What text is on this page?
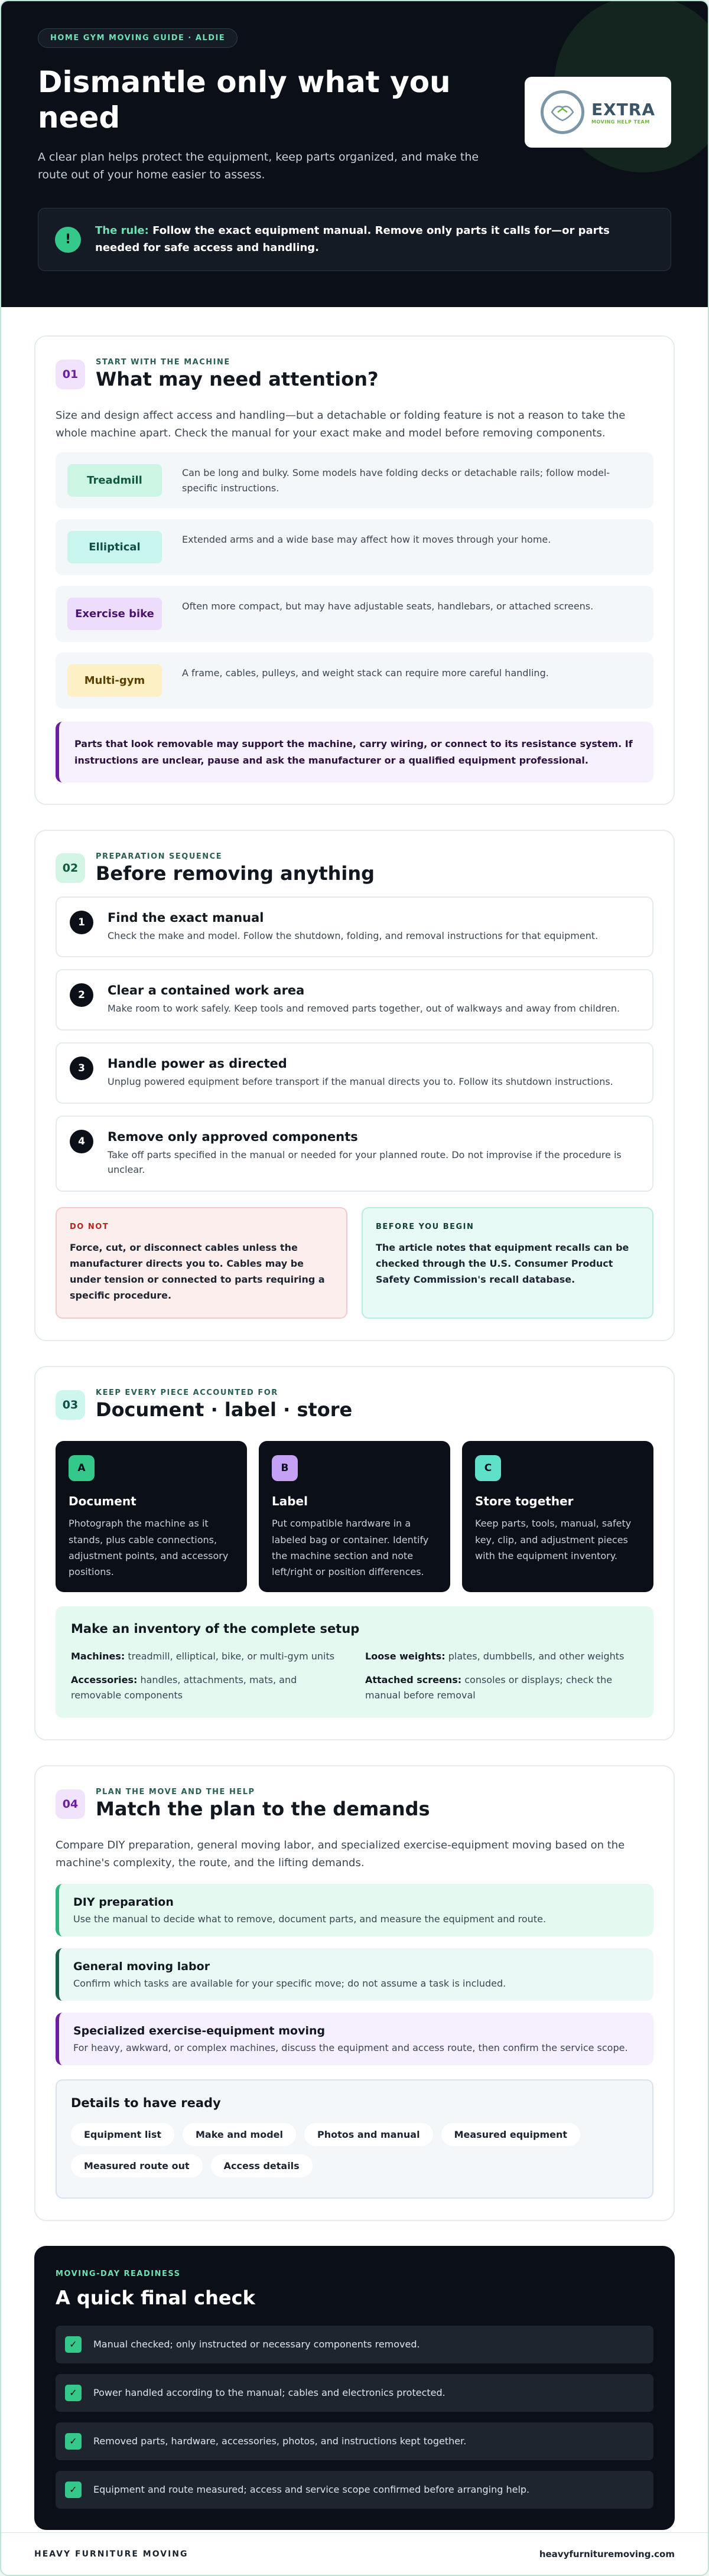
HOME GYM MOVING GUIDE · ALDIE
Dismantle only what you need

A clear plan helps protect the equipment, keep parts organized, and make the route out of your home easier to assess.

EXTRA
MOVING HELP TEAM
!

The rule: Follow the exact equipment manual. Remove only parts it calls for—or parts needed for safe access and handling.

01
START WITH THE MACHINE
What may need attention?

Size and design affect access and handling—but a detachable or folding feature is not a reason to take the whole machine apart. Check the manual for your exact make and model before removing components.

Treadmill
Can be long and bulky. Some models have folding decks or detachable rails; follow model-specific instructions.
Elliptical
Extended arms and a wide base may affect how it moves through your home.
Exercise bike
Often more compact, but may have adjustable seats, handlebars, or attached screens.
Multi-gym
A frame, cables, pulleys, and weight stack can require more careful handling.
Parts that look removable may support the machine, carry wiring, or connect to its resistance system. If instructions are unclear, pause and ask the manufacturer or a qualified equipment professional.
02
PREPARATION SEQUENCE
Before removing anything
1	Find the exact manual
Check the make and model. Follow the shutdown, folding, and removal instructions for that equipment.
2	Clear a contained work area
Make room to work safely. Keep tools and removed parts together, out of walkways and away from children.
3	Handle power as directed
Unplug powered equipment before transport if the manual directs you to. Follow its shutdown instructions.
4	Remove only approved components
Take off parts specified in the manual or needed for your planned route. Do not improvise if the procedure is unclear.
DO NOT
Force, cut, or disconnect cables unless the manufacturer directs you to. Cables may be under tension or connected to parts requiring a specific procedure.
BEFORE YOU BEGIN
The article notes that equipment recalls can be checked through the U.S. Consumer Product Safety Commission's recall database.
03
KEEP EVERY PIECE ACCOUNTED FOR
Document · label · store
A
Document
Photograph the machine as it stands, plus cable connections, adjustment points, and accessory positions.
B
Label
Put compatible hardware in a labeled bag or container. Identify the machine section and note left/right or position differences.
C
Store together
Keep parts, tools, manual, safety key, clip, and adjustment pieces with the equipment inventory.
Make an inventory of the complete setup
Machines: treadmill, elliptical, bike, or multi-gym units	Loose weights: plates, dumbbells, and other weights
Accessories: handles, attachments, mats, and removable components
Attached screens: consoles or displays; check the manual before removal
04
PLAN THE MOVE AND THE HELP
Match the plan to the demands

Compare DIY preparation, general moving labor, and specialized exercise-equipment moving based on the machine's complexity, the route, and the lifting demands.

DIY preparation
Use the manual to decide what to remove, document parts, and measure the equipment and route.
General moving labor
Confirm which tasks are available for your specific move; do not assume a task is included.
Specialized exercise-equipment moving
For heavy, awkward, or complex machines, discuss the equipment and access route, then confirm the service scope.
Details to have ready
Equipment list	Make and model	Photos and manual	Measured equipment
Measured route out	Access details
MOVING-DAY READINESS
A quick final check
✓	Manual checked; only instructed or necessary components removed.
✓	Power handled according to the manual; cables and electronics protected.
✓	Removed parts, hardware, accessories, photos, and instructions kept together.
✓	Equipment and route measured; access and service scope confirmed before arranging help.
HEAVY FURNITURE MOVING	heavyfurnituremoving.com
